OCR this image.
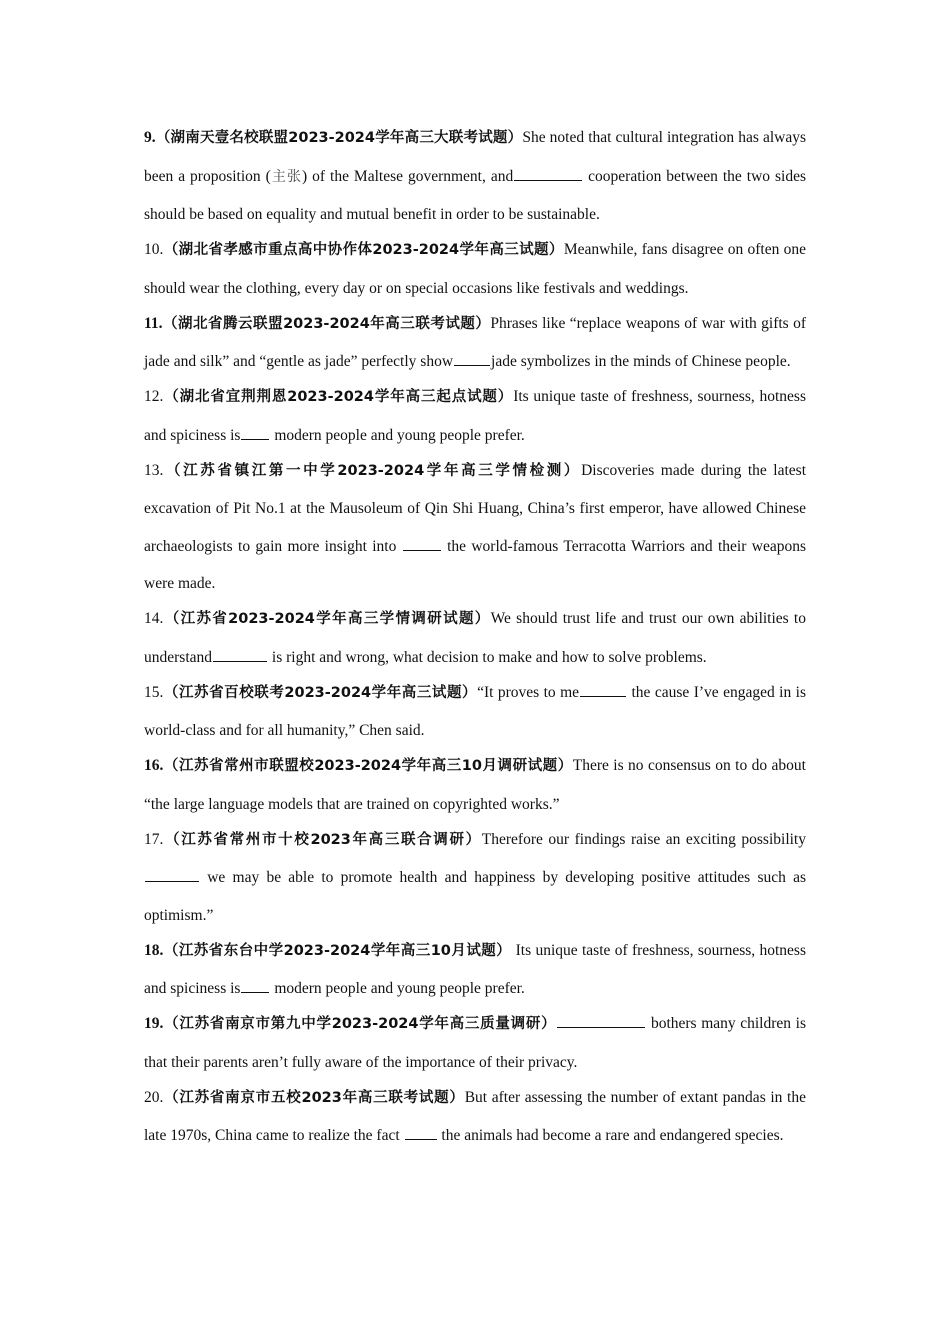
9.（湖南天壹名校联盟2023-2024学年高三大联考试题）She noted that cultural integration has always been a proposition (主张) of the Maltese government, and	cooperation between the two sides should be based on equality and mutual benefit in order to be sustainable.

10.（湖北省孝感市重点高中协作体2023-2024学年高三试题）Meanwhile, fans disagree on often one should wear the clothing, every day or on special occasions like festivals and weddings.

11.（湖北省腾云联盟2023-2024年高三联考试题）Phrases like “replace weapons of war with gifts of jade and silk” and “gentle as jade” perfectly show jade symbolizes in the minds of Chinese people.

12.（湖北省宜荆荆恩2023-2024学年高三起点试题）Its unique taste of freshness, sourness, hotness and spiciness is modern people and young people prefer.

13.（江苏省镇江第一中学2023-2024学年高三学情检测）Discoveries made during the latest excavation of Pit No.1 at the Mausoleum of Qin Shi Huang, China’s first emperor, have allowed Chinese archaeologists to gain more insight into	the world-famous Terracotta Warriors and their weapons were made.

14.（江苏省2023-2024学年高三学情调研试题）We should trust life and trust our own abilities to understand	is right and wrong, what decision to make and how to solve problems.

15.（江苏省百校联考2023-2024学年高三试题）“It proves to me	the cause I’ve engaged in is world-class and for all humanity,” Chen said.

16.（江苏省常州市联盟校2023-2024学年高三10月调研试题）There is no consensus on to do about “the large language models that are trained on copyrighted works.”

17.（江苏省常州市十校2023年高三联合调研）Therefore our findings raise an exciting possibility we may be able to promote health and happiness by developing positive attitudes such as optimism.”

18.（江苏省东台中学2023-2024学年高三10月试题） Its unique taste of freshness, sourness, hotness and spiciness is modern people and young people prefer.

19.（江苏省南京市第九中学2023-2024学年高三质量调研）	bothers many children is that their parents aren’t fully aware of the importance of their privacy.

20.（江苏省南京市五校2023年高三联考试题）But after assessing the number of extant pandas in the late 1970s, China came to realize the fact  the animals had become a rare and endangered species.
